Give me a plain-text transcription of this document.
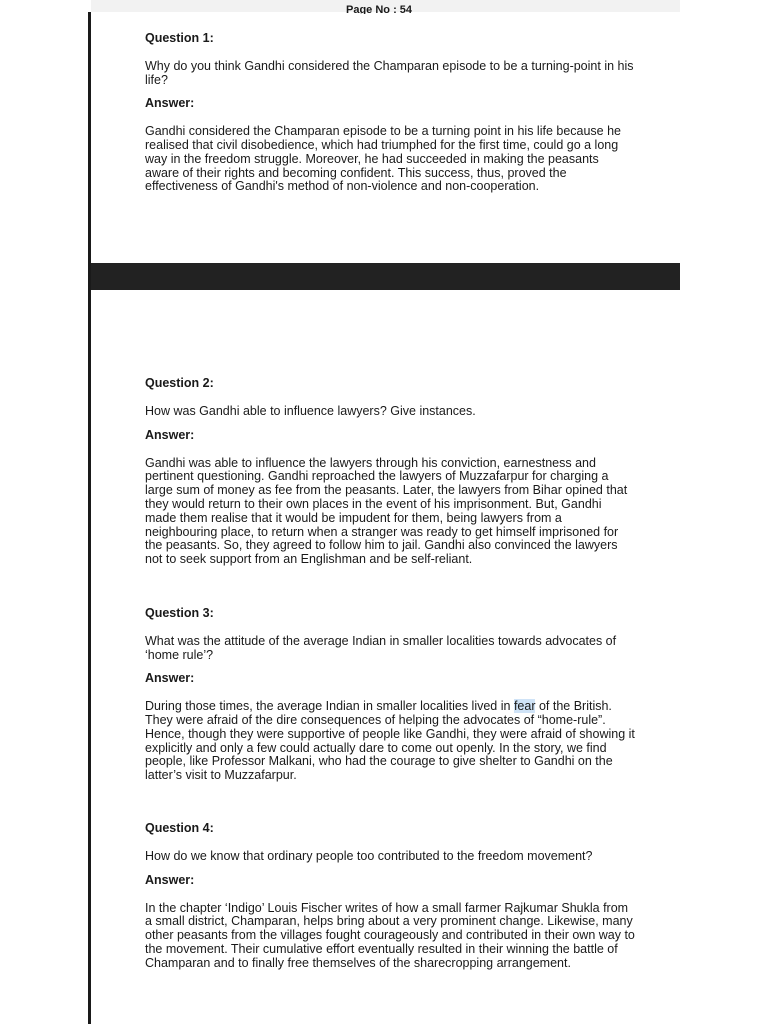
Page No : 54
Question 1:
Why do you think Gandhi considered the Champaran episode to be a turning-point in his life?
Answer:
Gandhi considered the Champaran episode to be a turning point in his life because he realised that civil disobedience, which had triumphed for the first time, could go a long way in the freedom struggle. Moreover, he had succeeded in making the peasants aware of their rights and becoming confident. This success, thus, proved the effectiveness of Gandhi's method of non-violence and non-cooperation.
Question 2:
How was Gandhi able to influence lawyers? Give instances.
Answer:
Gandhi was able to influence the lawyers through his conviction, earnestness and pertinent questioning. Gandhi reproached the lawyers of Muzzafarpur for charging a large sum of money as fee from the peasants. Later, the lawyers from Bihar opined that they would return to their own places in the event of his imprisonment. But, Gandhi made them realise that it would be impudent for them, being lawyers from a neighbouring place, to return when a stranger was ready to get himself imprisoned for the peasants. So, they agreed to follow him to jail. Gandhi also convinced the lawyers not to seek support from an Englishman and be self-reliant.
Question 3:
What was the attitude of the average Indian in smaller localities towards advocates of ‘home rule’?
Answer:
During those times, the average Indian in smaller localities lived in fear of the British. They were afraid of the dire consequences of helping the advocates of “home-rule”. Hence, though they were supportive of people like Gandhi, they were afraid of showing it explicitly and only a few could actually dare to come out openly. In the story, we find people, like Professor Malkani, who had the courage to give shelter to Gandhi on the latter’s visit to Muzzafarpur.
Question 4:
How do we know that ordinary people too contributed to the freedom movement?
Answer:
In the chapter ‘Indigo’ Louis Fischer writes of how a small farmer Rajkumar Shukla from a small district, Champaran, helps bring about a very prominent change. Likewise, many other peasants from the villages fought courageously and contributed in their own way to the movement. Their cumulative effort eventually resulted in their winning the battle of Champaran and to finally free themselves of the sharecropping arrangement.
